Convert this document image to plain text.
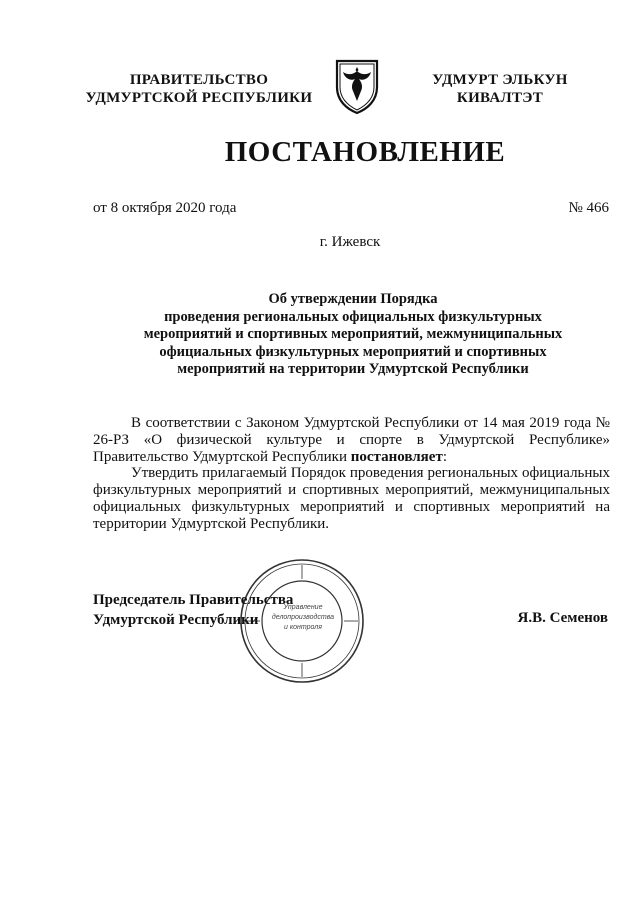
ПРАВИТЕЛЬСТВО
УДМУРТСКОЙ РЕСПУБЛИКИ
УДМУРТ ЭЛЬКУН
КИВАЛТЭТ
ПОСТАНОВЛЕНИЕ
от 8 октября 2020 года	№ 466
г. Ижевск
Об утверждении Порядка
проведения региональных официальных физкультурных
мероприятий и спортивных мероприятий, межмуниципальных
официальных физкультурных мероприятий и спортивных
мероприятий на территории Удмуртской Республики
В соответствии с Законом Удмуртской Республики от 14 мая 2019 года № 26-РЗ «О физической культуре и спорте в Удмуртской Республике» Правительство Удмуртской Республики постановляет:
Утвердить прилагаемый Порядок проведения региональных официальных физкультурных мероприятий и спортивных мероприятий, межмуниципальных официальных физкультурных мероприятий и спортивных мероприятий на территории Удмуртской Республики.
Управление
делопроизводства
и контроля
Председатель Правительства
Удмуртской Республики	Я.В. Семенов
